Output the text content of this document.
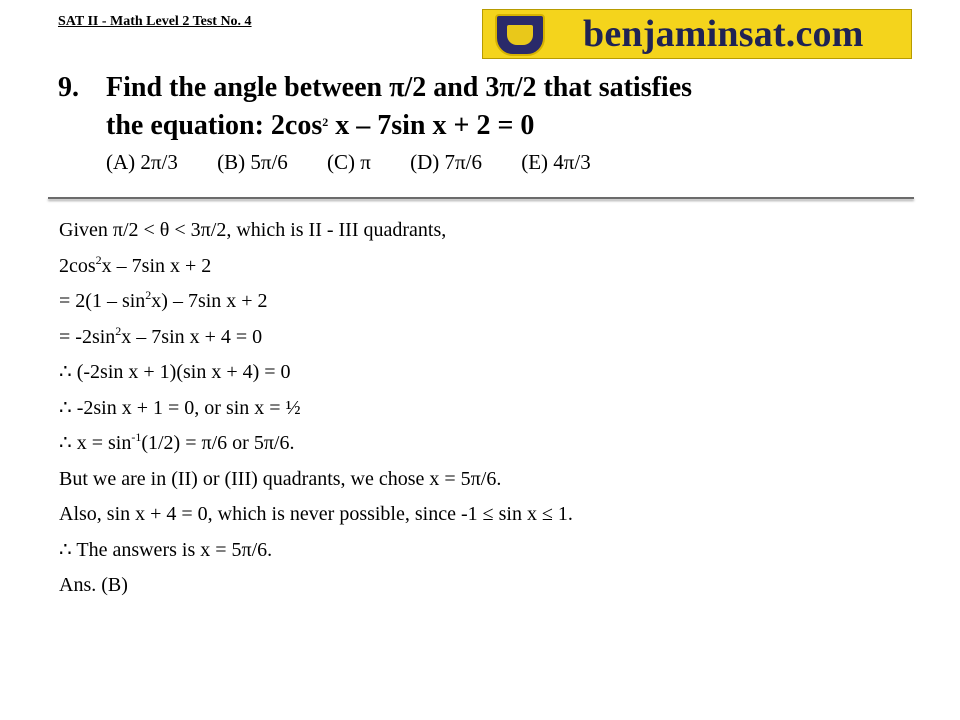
SAT II - Math Level 2 Test No. 4	benjaminsat.com
9. Find the angle between π/2 and 3π/2 that satisfies
the equation: $2\cos^2$ x – 7sin x + 2 = 0
(A) 2π/3 (B) 5π/6 (C) π (D) 7π/6 (E) 4π/3
Given π/2 < θ < 3π/2, which is II - III quadrants,
$2\cos^2x - 7\sin$ x + 2
= $2(1 - \sin^2x) - 7\sin$ x + 2
= $-2\sin^2x - 7\sin$ x + 4 = 0
∴ (-2sin x + 1)(sin x + 4) = 0
∴ -2sin x + 1 = 0, or sin x = ½
∴ $x = \sin^{-1}(1/2) = \pi/6$ or 5π/6.
But we are in (II) or (III) quadrants, we chose x = 5π/6.
Also, sin x + 4 = 0, which is never possible, since -1 ≤ sin x ≤ 1.
∴ The answers is x = 5π/6.
Ans. (B)
